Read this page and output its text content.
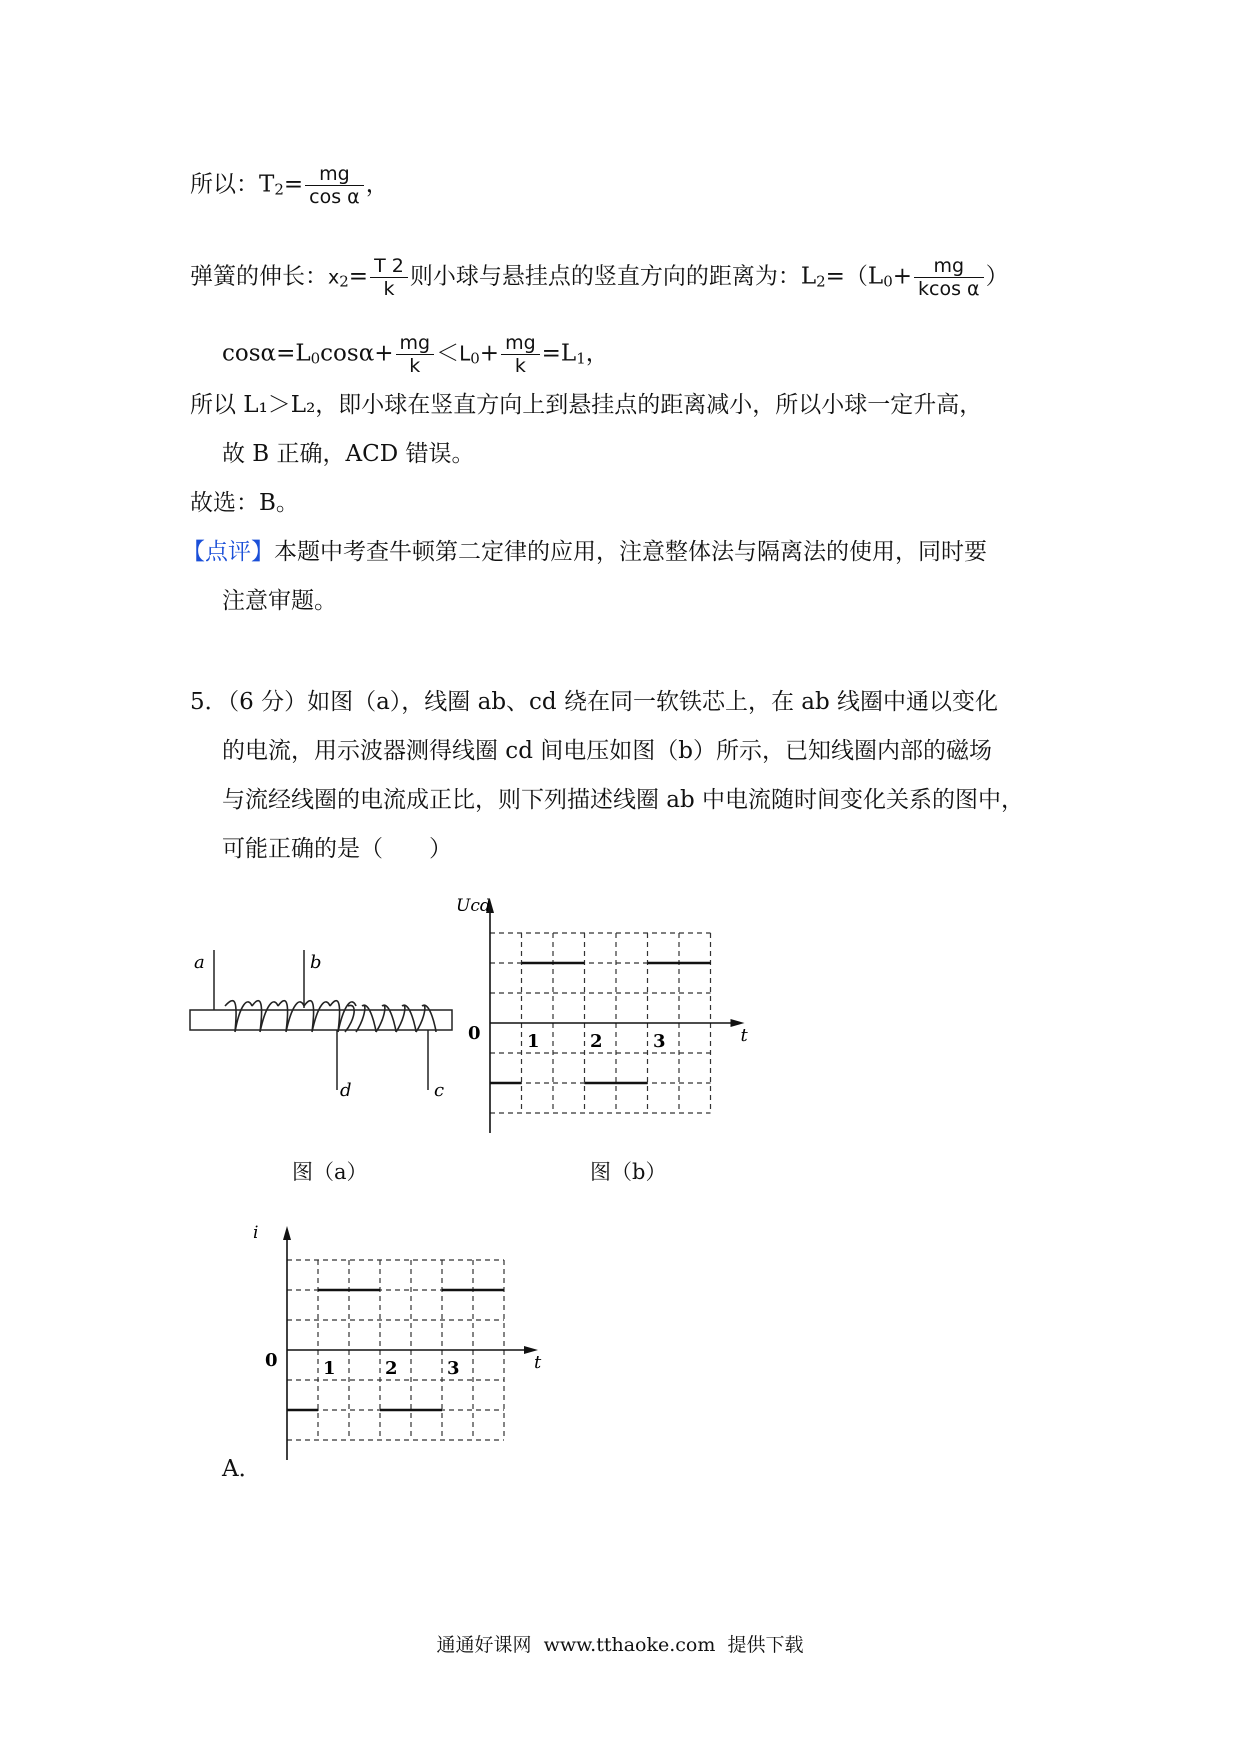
所以：$T_2= \frac{mg}{\text{cos α}}$ ，
弹簧的伸长：$x_2= \frac{T 2}{k}$ 则小球与悬挂点的竖直方向的距离为：$L_2=(L_0+ \frac{mg}{\text{kcos α}}$ ）
$\cos\alpha=L_0\cos\alpha+ \frac{mg}{k} <L_0+ \frac{mg}{k} =L_1$，
所以 L₁＞L₂，即小球在竖直方向上到悬挂点的距离减小，所以小球一定升高，
故 B 正确，ACD 错误。
故选：B。
【点评】本题中考查牛顿第二定律的应用，注意整体法与隔离法的使用，同时要
注意审题。
5．（6 分）如图（a），线圈 ab、cd 绕在同一软铁芯上，在 ab 线圈中通以变化
的电流，用示波器测得线圈 cd 间电压如图（b）所示，已知线圈内部的磁场
与流经线圈的电流成正比，则下列描述线圈 ab 中电流随时间变化关系的图中，
可能正确的是（　　）
a	b
d	c
图（a）
Ucd
t
0	1	2	3
图（b）
i
t
0	1	2	3
A．
通通好课网  www.tthaoke.com  提供下载
